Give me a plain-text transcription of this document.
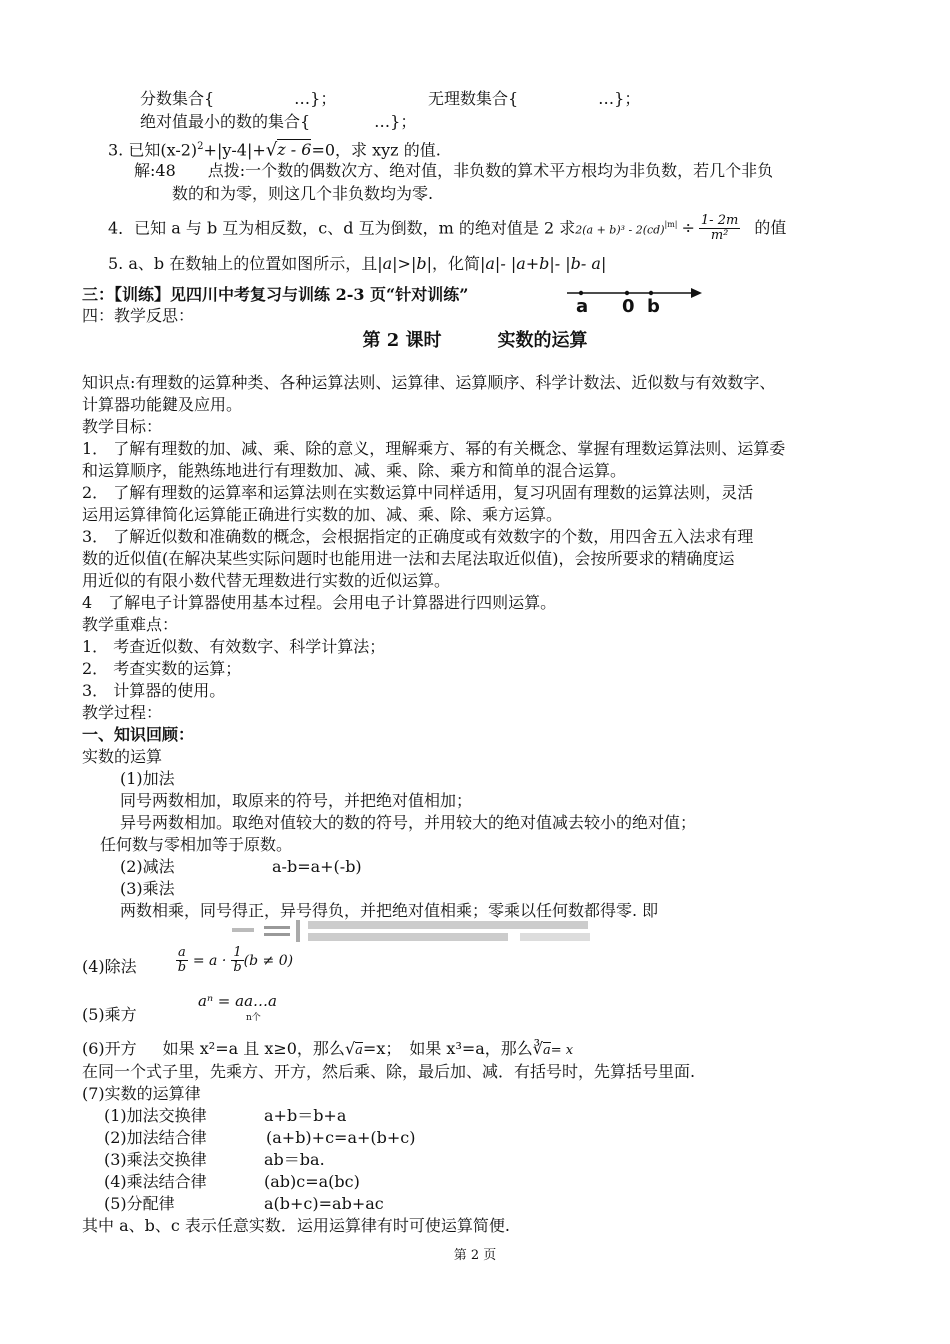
分数集合{　　　　　…}；	无理数集合{　　　　　…}；
绝对值最小的数的集合{　　　　…}；
3. 已知$(x-2)^2+|y-4|+√z - 6=0$，求 xyz 的值.
解:48　　点拨:一个数的偶数次方、绝对值，非负数的算术平方根均为非负数，若几个非负
数的和为零，则这几个非负数均为零.
4．已知 a 与 b 互为相反数，c、d 互为倒数，m 的绝对值是 2 求$2(a + b)^3 - 2(cd)^{|m|} \div \frac{1- 2m}{\text{m²}}$ 的值
5. a、b 在数轴上的位置如图所示，且|a|>|b|，化简|a|- |a+b|- |b- a|
三：【训练】见四川中考复习与训练 2-3 页“针对训练”
a 0 b
四：教学反思：
第 2 课时	实数的运算
知识点:有理数的运算种类、各种运算法则、运算律、运算顺序、科学计数法、近似数与有效数字、
计算器功能鍵及应用。
教学目标：
1． 了解有理数的加、减、乘、除的意义，理解乘方、幂的有关概念、掌握有理数运算法则、运算委
和运算顺序，能熟练地进行有理数加、减、乘、除、乘方和简单的混合运算。
2． 了解有理数的运算率和运算法则在实数运算中同样适用，复习巩固有理数的运算法则，灵活
运用运算律简化运算能正确进行实数的加、减、乘、除、乘方运算。
3． 了解近似数和准确数的概念，会根据指定的正确度或有效数字的个数，用四舍五入法求有理
数的近似值(在解决某些实际问题时也能用进一法和去尾法取近似值)，会按所要求的精确度运
用近似的有限小数代替无理数进行实数的近似运算。
4　了解电子计算器使用基本过程。会用电子计算器进行四则运算。
教学重难点：
1． 考查近似数、有效数字、科学计算法；
2． 考查实数的运算；
3． 计算器的使用。
教学过程：
一、知识回顾：
实数的运算
(1)加法
同号两数相加，取原来的符号，并把绝对值相加；
异号两数相加。取绝对值较大的数的符号，并用较大的绝对值减去较小的绝对值；
任何数与零相加等于原数。
(2)减法	a-b=a+(-b)
(3)乘法
两数相乘，同号得正，异号得负，并把绝对值相乘；零乘以任何数都得零. 即
(4)除法	$\frac{a}{b} = a \cdot \frac{1}{b} (b \ne 0)$
(5)乘方
aⁿ = aa…a
n个
(6)开方 如果 x²=a 且 x≥0，那么√a=x；　如果 x³=a，那么∛a= x
在同一个式子里，先乘方、开方，然后乘、除，最后加、减．有括号时，先算括号里面.
(7)实数的运算律
(1)加法交换律	a+b＝b+a
(2)加法结合律	(a+b)+c=a+(b+c)
(3)乘法交换律	ab＝ba.
(4)乘法结合律	(ab)c=a(bc)
(5)分配律	a(b+c)=ab+ac
其中 a、b、c 表示任意实数．运用运算律有时可使运算简便.
第 2 页
